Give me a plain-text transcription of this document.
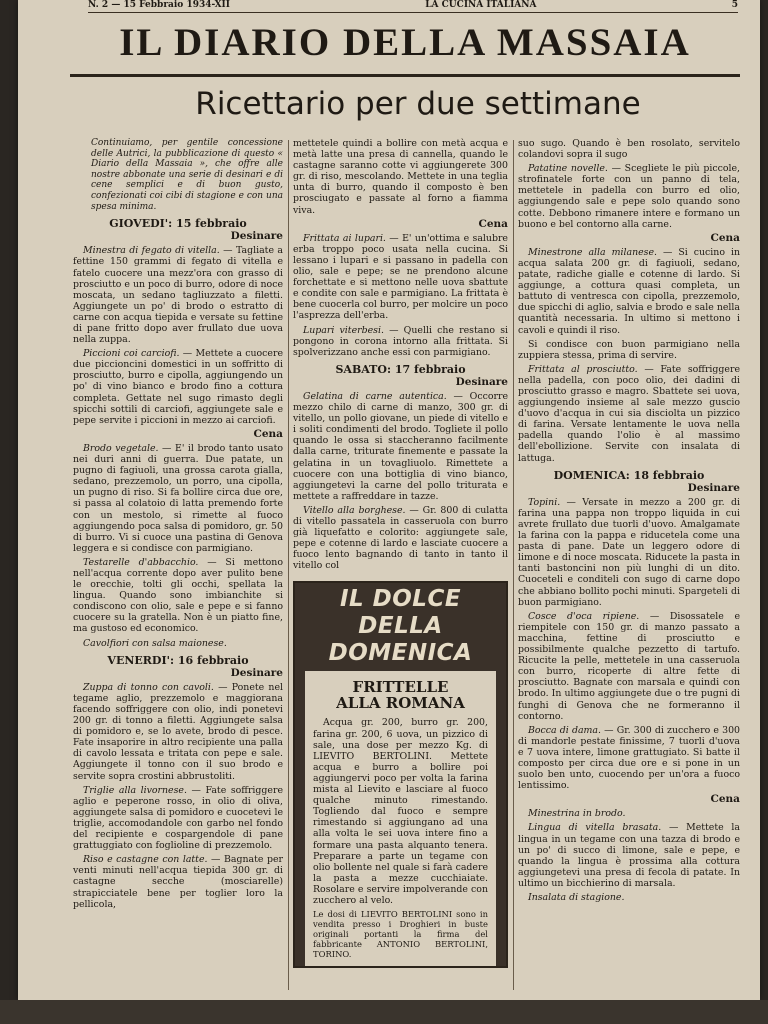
N. 2 — 15 Febbraio 1934-XII	LA CUCINA ITALIANA	5
IL DIARIO DELLA MASSAIA
Ricettario per due settimane

Continuiamo, per gentile concessione delle Autrici, la pubblicazione di questo « Diario della Massaia », che offre alle nostre abbonate una serie di desinari e di cene semplici e di buon gusto, confezionati coi cibi di stagione e con una spesa minima.

GIOVEDI': 15 febbraio
Desinare

Minestra di fegato di vitella. — Tagliate a fettine 150 grammi di fegato di vitella e fatelo cuocere una mezz'ora con grasso di prosciutto e un poco di burro, odore di noce moscata, un sedano tagliuzzato a filetti. Aggiungete un po' di brodo o estratto di carne con acqua tiepida e versate su fettine di pane fritto dopo aver frullato due uova nella zuppa.

Piccioni coi carciofi. — Mettete a cuocere due piccioncini domestici in un soffritto di prosciutto, burro e cipolla, aggiungendo un po' di vino bianco e brodo fino a cottura completa. Gettate nel sugo rimasto degli spicchi sottili di carciofi, aggiungete sale e pepe servite i piccioni in mezzo ai carciofi.

Cena

Brodo vegetale. — E' il brodo tanto usato nei duri anni di guerra. Due patate, un pugno di fagiuoli, una grossa carota gialla, sedano, prezzemolo, un porro, una cipolla, un pugno di riso. Si fa bollire circa due ore, si passa al colatoio di latta premendo forte con un mestolo, si rimette al fuoco aggiungendo poca salsa di pomidoro, gr. 50 di burro. Vi si cuoce una pastina di Genova leggera e si condisce con parmigiano.

Testarelle d'abbacchio. — Si mettono nell'acqua corrente dopo aver pulito bene le orecchie, tolti gli occhi, spellata la lingua. Quando sono imbianchite si condiscono con olio, sale e pepe e si fanno cuocere su la gratella. Non è un piatto fine, ma gustoso ed economico.

Cavolfiori con salsa maionese.

VENERDI': 16 febbraio
Desinare

Zuppa di tonno con cavoli. — Ponete nel tegame aglio, prezzemolo e maggiorana facendo soffriggere con olio, indi ponetevi 200 gr. di tonno a filetti. Aggiungete salsa di pomidoro e, se lo avete, brodo di pesce. Fate insaporire in altro recipiente una palla di cavolo lessata e tritata con pepe e sale. Aggiungete il tonno con il suo brodo e servite sopra crostini abbrustoliti.

Triglie alla livornese. — Fate soffriggere aglio e peperone rosso, in olio di oliva, aggiungete salsa di pomidoro e cuocetevi le triglie, accomodandole con garbo nel fondo del recipiente e cospargendole di pane grattuggiato con foglioline di prezzemolo.

Riso e castagne con latte. — Bagnate per venti minuti nell'acqua tiepida 300 gr. di castagne secche (mosciarelle) strapicciatele bene per toglier loro la pellicola,

mettetele quindi a bollire con metà acqua e metà latte una presa di cannella, quando le castagne saranno cotte vi aggiungerete 300 gr. di riso, mescolando. Mettete in una teglia unta di burro, quando il composto è ben prosciugato e passate al forno a fiamma viva.

Cena

Frittata ai lupari. — E' un'ottima e salubre erba troppo poco usata nella cucina. Si lessano i lupari e si passano in padella con olio, sale e pepe; se ne prendono alcune forchettate e si mettono nelle uova sbattute e condite con sale e parmigiano. La frittata è bene cuocerla col burro, per molcire un poco l'asprezza dell'erba.

Lupari viterbesi. — Quelli che restano si pongono in corona intorno alla frittata. Si spolverizzano anche essi con parmigiano.

SABATO: 17 febbraio
Desinare

Gelatina di carne autentica. — Occorre mezzo chilo di carne di manzo, 300 gr. di vitello, un pollo giovane, un piede di vitello e i soliti condimenti del brodo. Togliete il pollo quando le ossa si staccheranno facilmente dalla carne, triturate finemente e passate la gelatina in un tovagliuolo. Rimettete a cuocere con una bottiglia di vino bianco, aggiungetevi la carne del pollo triturata e mettete a raffreddare in tazze.

Vitello alla borghese. — Gr. 800 di culatta di vitello passatela in casseruola con burro già liquefatto e colorito: aggiungete sale, pepe e cotenne di lardo e lasciate cuocere a fuoco lento bagnando di tanto in tanto il vitello col

IL DOLCE
DELLA DOMENICA
FRITTELLE
ALLA ROMANA

Acqua gr. 200, burro gr. 200, farina gr. 200, 6 uova, un pizzico di sale, una dose per mezzo Kg. di LIEVITO BERTOLINI. Mettete acqua e burro a bollire poi aggiungervi poco per volta la farina mista al Lievito e lasciare al fuoco qualche minuto rimestando. Togliendo dal fuoco e sempre rimestando si aggiungano ad una alla volta le sei uova intere fino a formare una pasta alquanto tenera. Preparare a parte un tegame con olio bollente nel quale si farà cadere la pasta a mezze cucchiaiate. Rosolare e servire impolverande con zucchero al velo.

Le dosi di LIEVITO BERTOLINI sono in vendita presso i Droghieri in buste originali portanti la firma del fabbricante ANTONIO BERTOLINI, TORINO.

suo sugo. Quando è ben rosolato, servitelo colandovi sopra il sugo

Patatine novelle. — Scegliete le più piccole, strofinatele forte con un panno di tela, mettetele in padella con burro ed olio, aggiungendo sale e pepe solo quando sono cotte. Debbono rimanere intere e formano un buono e bel contorno alla carne.

Cena

Minestrone alla milanese. — Si cucino in acqua salata 200 gr. di fagiuoli, sedano, patate, radiche gialle e cotenne di lardo. Si aggiunge, a cottura quasi completa, un battuto di ventresca con cipolla, prezzemolo, due spicchi di aglio, salvia e brodo e sale nella quantità necessaria. In ultimo si mettono i cavoli e quindi il riso.

Si condisce con buon parmigiano nella zuppiera stessa, prima di servire.

Frittata al prosciutto. — Fate soffriggere nella padella, con poco olio, dei dadini di prosciutto grasso e magro. Sbattete sei uova, aggiungendo insieme al sale mezzo guscio d'uovo d'acqua in cui sia disciolta un pizzico di farina. Versate lentamente le uova nella padella quando l'olio è al massimo dell'ebollizione. Servite con insalata di lattuga.

DOMENICA: 18 febbraio
Desinare

Topini. — Versate in mezzo a 200 gr. di farina una pappa non troppo liquida in cui avrete frullato due tuorli d'uovo. Amalgamate la farina con la pappa e riducetela come una pasta di pane. Date un leggero odore di limone e di noce moscata. Riducete la pasta in tanti bastoncini non più lunghi di un dito. Cuoceteli e conditeli con sugo di carne dopo che abbiano bollito pochi minuti. Spargeteli di buon parmigiano.

Cosce d'oca ripiene. — Disossatele e riempitele con 150 gr. di manzo passato a macchina, fettine di prosciutto e possibilmente qualche pezzetto di tartufo. Ricucite la pelle, mettetele in una casseruola con burro, ricoperte di altre fette di prosciutto. Bagnate con marsala e quindi con brodo. In ultimo aggiungete due o tre pugni di funghi di Genova che ne formeranno il contorno.

Bocca di dama. — Gr. 300 di zucchero e 300 di mandorle pestate finissime, 7 tuorli d'uova e 7 uova intere, limone grattugiato. Si batte il composto per circa due ore e si pone in un suolo ben unto, cuocendo per un'ora a fuoco lentissimo.

Cena

Minestrina in brodo.

Lingua di vitella brasata. — Mettete la lingua in un tegame con una tazza di brodo e un po' di succo di limone, sale e pepe, e quando la lingua è prossima alla cottura aggiungetevi una presa di fecola di patate. In ultimo un bicchierino di marsala.

Insalata di stagione.
